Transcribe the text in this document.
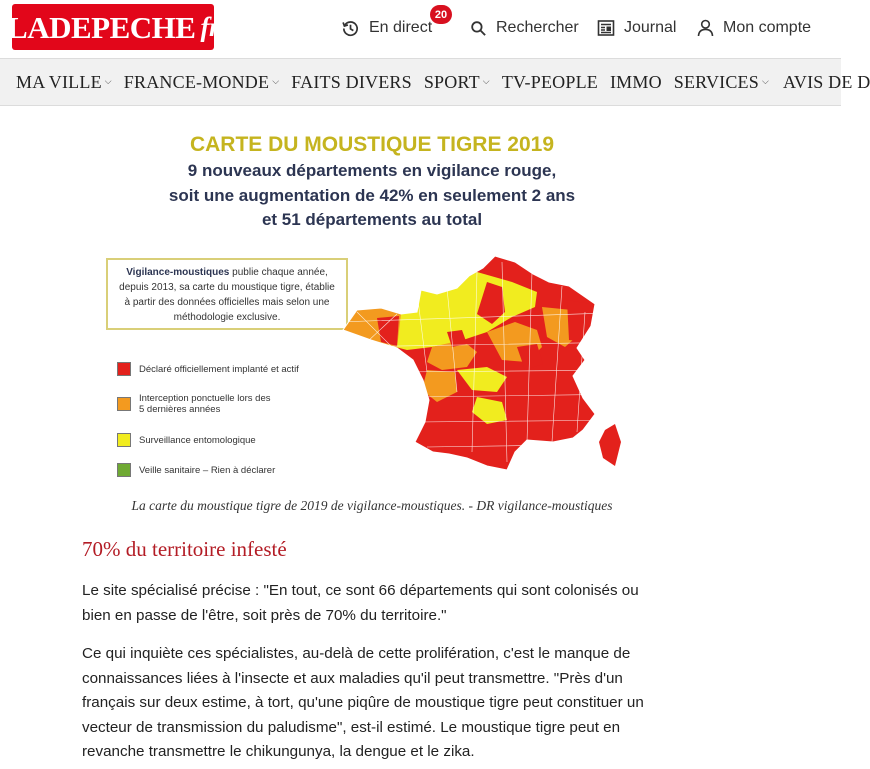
LADEPECHE fr	En direct
20
Rechercher	Journal	Mon compte
MA VILLE ⌵ FRANCE-MONDE ⌵ FAITS DIVERS SPORT ⌵ TV-PEOPLE IMMO SERVICES ⌵ AVIS DE D
CARTE DU MOUSTIQUE TIGRE 2019
9 nouveaux départements en vigilance rouge,
soit une augmentation de 42% en seulement 2 ans
et 51 départements au total
Vigilance-moustiques publie chaque année, depuis 2013, sa carte du moustique tigre, établie à partir des données officielles mais selon une méthodologie exclusive.
Déclaré officiellement implanté et actif
Interception ponctuelle lors des
5 dernières années
Surveillance entomologique
Veille sanitaire – Rien à déclarer
La carte du moustique tigre de 2019 de vigilance-moustiques. - DR vigilance-moustiques
70% du territoire infesté

Le site spécialisé précise : "En tout, ce sont 66 départements qui sont colonisés ou bien en passe de l'être, soit près de 70% du territoire."

Ce qui inquiète ces spécialistes, au-delà de cette prolifération, c'est le manque de connaissances liées à l'insecte et aux maladies qu'il peut transmettre. "Près d'un français sur deux estime, à tort, qu'une piqûre de moustique tigre peut constituer un vecteur de transmission du paludisme", est-il estimé. Le moustique tigre peut en revanche transmettre le chikungunya, la dengue et le zika.
